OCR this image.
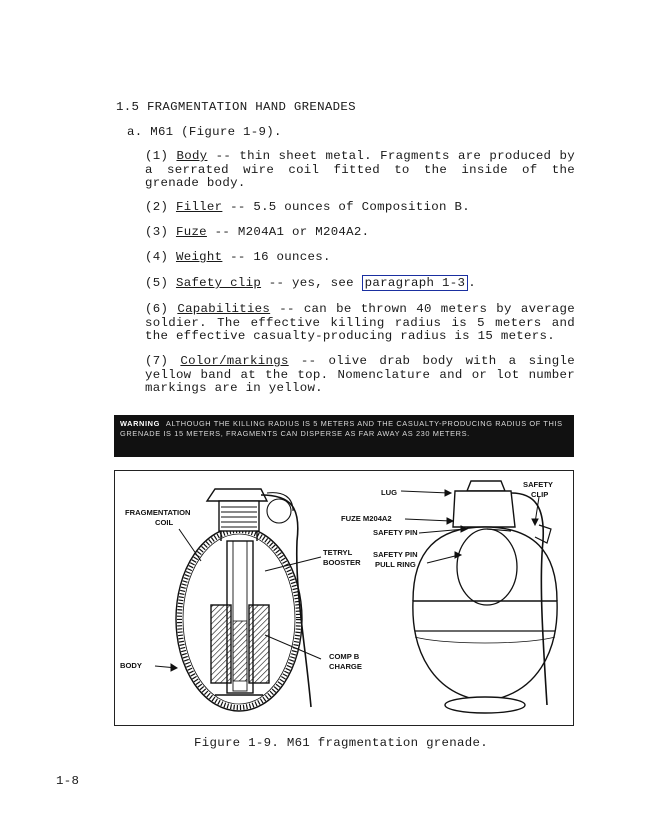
1.5 FRAGMENTATION HAND GRENADES
a. M61 (Figure 1-9).
(1) Body -- thin sheet metal. Fragments are produced by a serrated wire coil fitted to the inside of the grenade body.
(2) Filler -- 5.5 ounces of Composition B.
(3) Fuze -- M204A1 or M204A2.
(4) Weight -- 16 ounces.
(5) Safety clip -- yes, see paragraph 1-3 .
(6) Capabilities -- can be thrown 40 meters by average soldier. The effective killing radius is 5 meters and the effective casualty-producing radius is 15 meters.
(7) Color/markings -- olive drab body with a single yellow band at the top. Nomenclature and or lot number markings are in yellow.
WARNING ALTHOUGH THE KILLING RADIUS IS 5 METERS AND THE CASUALTY-PRODUCING RADIUS OF THIS GRENADE IS 15 METERS, FRAGMENTS CAN DISPERSE AS FAR AWAY AS 230 METERS.
FRAGMENTATION
COIL
BODY
TETRYL
BOOSTER
COMP B
CHARGE
LUG
FUZE M204A2
SAFETY PIN
SAFETY PIN
PULL RING
SAFETY
CLIP
Figure 1-9. M61 fragmentation grenade.
1-8
